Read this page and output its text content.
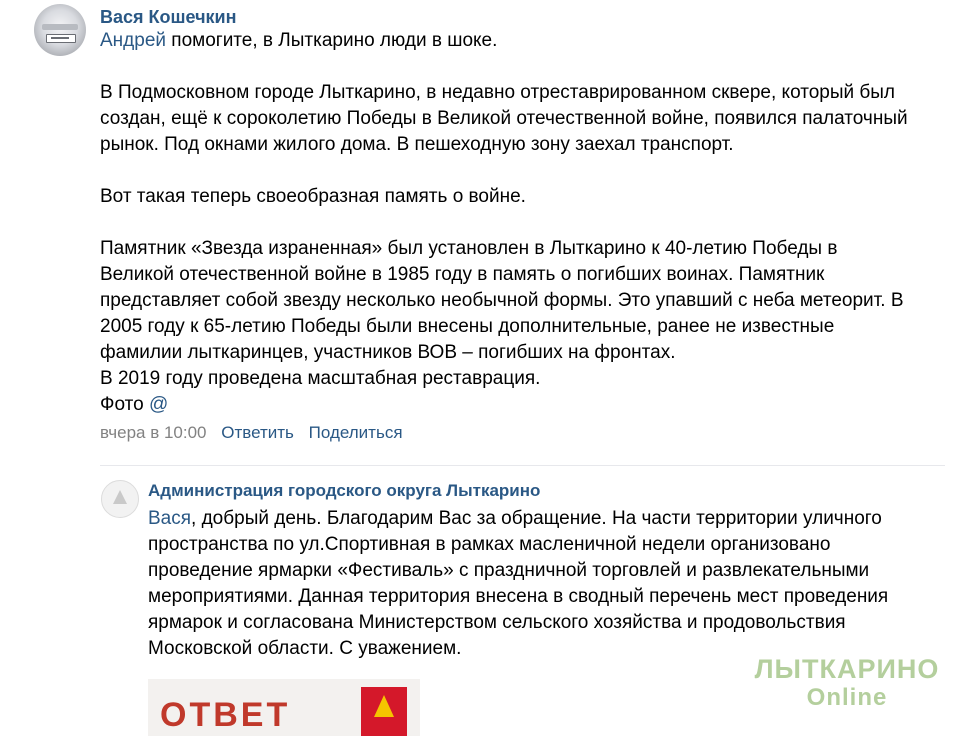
Вася Кошечкин

Андрей помогите, в Лыткарино люди в шоке.

В Подмосковном городе Лыткарино, в недавно отреставрированном сквере, который был

создан, ещё к сороколетию Победы в Великой отечественной войне, появился палаточный

рынок. Под окнами жилого дома. В пешеходную зону заехал транспорт.

Вот такая теперь своеобразная память о войне.

Памятник «Звезда израненная» был установлен в Лыткарино к 40-летию Победы в

Великой отечественной войне в 1985 году в память о погибших воинах. Памятник

представляет собой звезду несколько необычной формы. Это упавший с неба метеорит. В

2005 году к 65-летию Победы были внесены дополнительные, ранее не известные

фамилии лыткаринцев, участников ВОВ – погибших на фронтах.

В 2019 году проведена масштабная реставрация.

Фото @

вчера в 10:00 Ответить Поделиться
Администрация городского округа Лыткарино

Вася, добрый день. Благодарим Вас за обращение. На части территории уличного

пространства по ул.Спортивная в рамках масленичной недели организовано

проведение ярмарки «Фестиваль» с праздничной торговлей и развлекательными

мероприятиями. Данная территория внесена в сводный перечень мест проведения

ярмарок и согласована Министерством сельского хозяйства и продовольствия

Московской области. С уважением.

ОТВЕТ
ЛЫТКАРИНО
Online
